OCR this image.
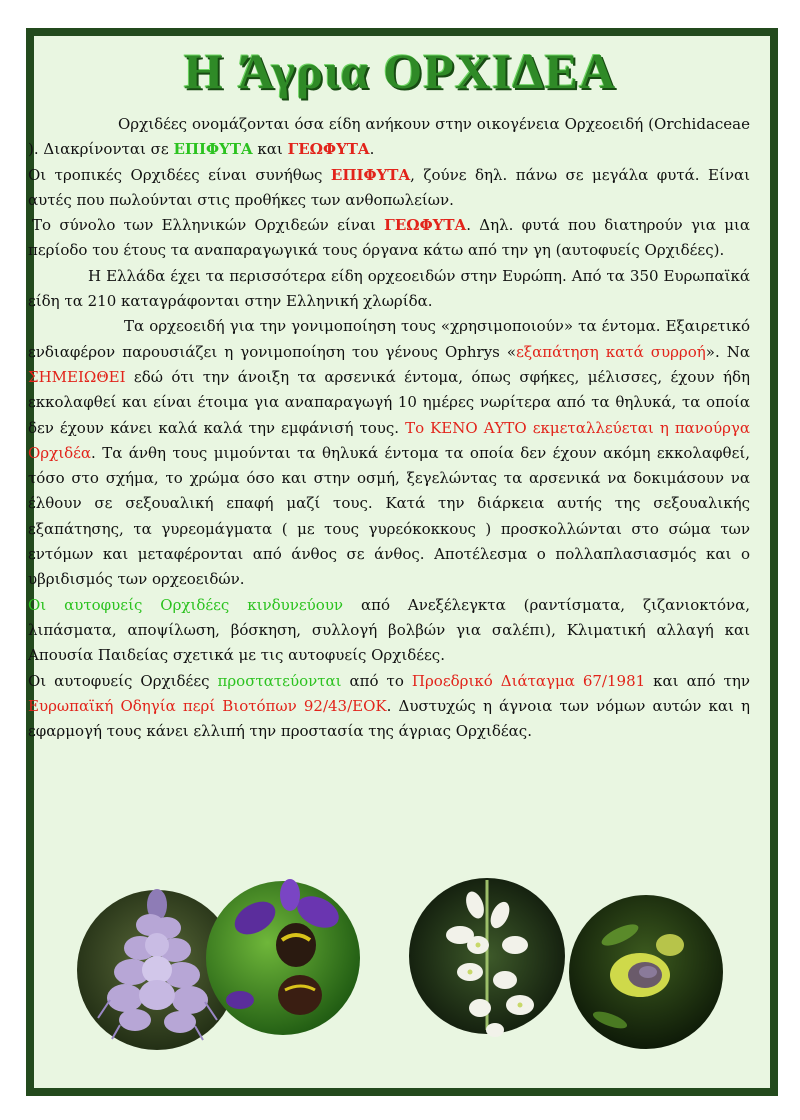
Η Άγρια ΟΡΧΙΔΕΑ

Ορχιδέες ονομάζονται όσα είδη ανήκουν στην οικογένεια Ορχεοειδή (Orchidaceae ). Διακρίνονται σε ΕΠΙΦΥΤΑ και ΓΕΩΦΥΤΑ.

Οι τροπικές Ορχιδέες είναι συνήθως ΕΠΙΦΥΤΑ, ζούνε δηλ. πάνω σε μεγάλα φυτά. Είναι αυτές που πωλούνται στις προθήκες των ανθοπωλείων.

Το σύνολο των Ελληνικών Ορχιδεών είναι ΓΕΩΦΥΤΑ. Δηλ. φυτά που διατηρούν για μια περίοδο του έτους τα αναπαραγωγικά τους όργανα κάτω από την γη (αυτοφυείς Ορχιδέες).

Η Ελλάδα έχει τα περισσότερα είδη ορχεοειδών στην Ευρώπη. Από τα 350 Ευρωπαϊκά είδη τα 210 καταγράφονται στην Ελληνική χλωρίδα.

Τα ορχεοειδή για την γονιμοποίηση τους «χρησιμοποιούν» τα έντομα. Εξαιρετικό ενδιαφέρον παρουσιάζει η γονιμοποίηση του γένους Ophrys «εξαπάτηση κατά συρροή». Να ΣΗΜΕΙΩΘΕΙ εδώ ότι την άνοιξη τα αρσενικά έντομα, όπως σφήκες, μέλισσες, έχουν ήδη εκκολαφθεί και είναι έτοιμα για αναπαραγωγή 10 ημέρες νωρίτερα από τα θηλυκά, τα οποία δεν έχουν κάνει καλά καλά την εμφάνισή τους. Το ΚΕΝΟ ΑΥΤΟ εκμεταλλεύεται η πανούργα Ορχιδέα. Τα άνθη τους μιμούνται τα θηλυκά έντομα τα οποία δεν έχουν ακόμη εκκολαφθεί, τόσο στο σχήμα, το χρώμα όσο και στην οσμή, ξεγελώντας τα αρσενικά να δοκιμάσουν να έλθουν σε σεξουαλική επαφή μαζί τους. Κατά την διάρκεια αυτής της σεξουαλικής εξαπάτησης, τα γυρεομάγματα ( με τους γυρεόκοκκους ) προσκολλώνται στο σώμα των εντόμων και μεταφέρονται από άνθος σε άνθος. Αποτέλεσμα ο πολλαπλασιασμός και ο υβριδισμός των ορχεοειδών.

Οι αυτοφυείς Ορχιδέες κινδυνεύουν από Ανεξέλεγκτα (ραντίσματα, ζιζανιοκτόνα, λιπάσματα, αποψίλωση, βόσκηση, συλλογή βολβών για σαλέπι), Κλιματική αλλαγή και Απουσία Παιδείας σχετικά με τις αυτοφυείς Ορχιδέες.

Οι αυτοφυείς Ορχιδέες προστατεύονται από το Προεδρικό Διάταγμα 67/1981 και από την Ευρωπαϊκή Οδηγία περί Βιοτόπων 92/43/ΕΟΚ. Δυστυχώς η άγνοια των νόμων αυτών και η εφαρμογή τους κάνει ελλιπή την προστασία της άγριας Ορχιδέας.
